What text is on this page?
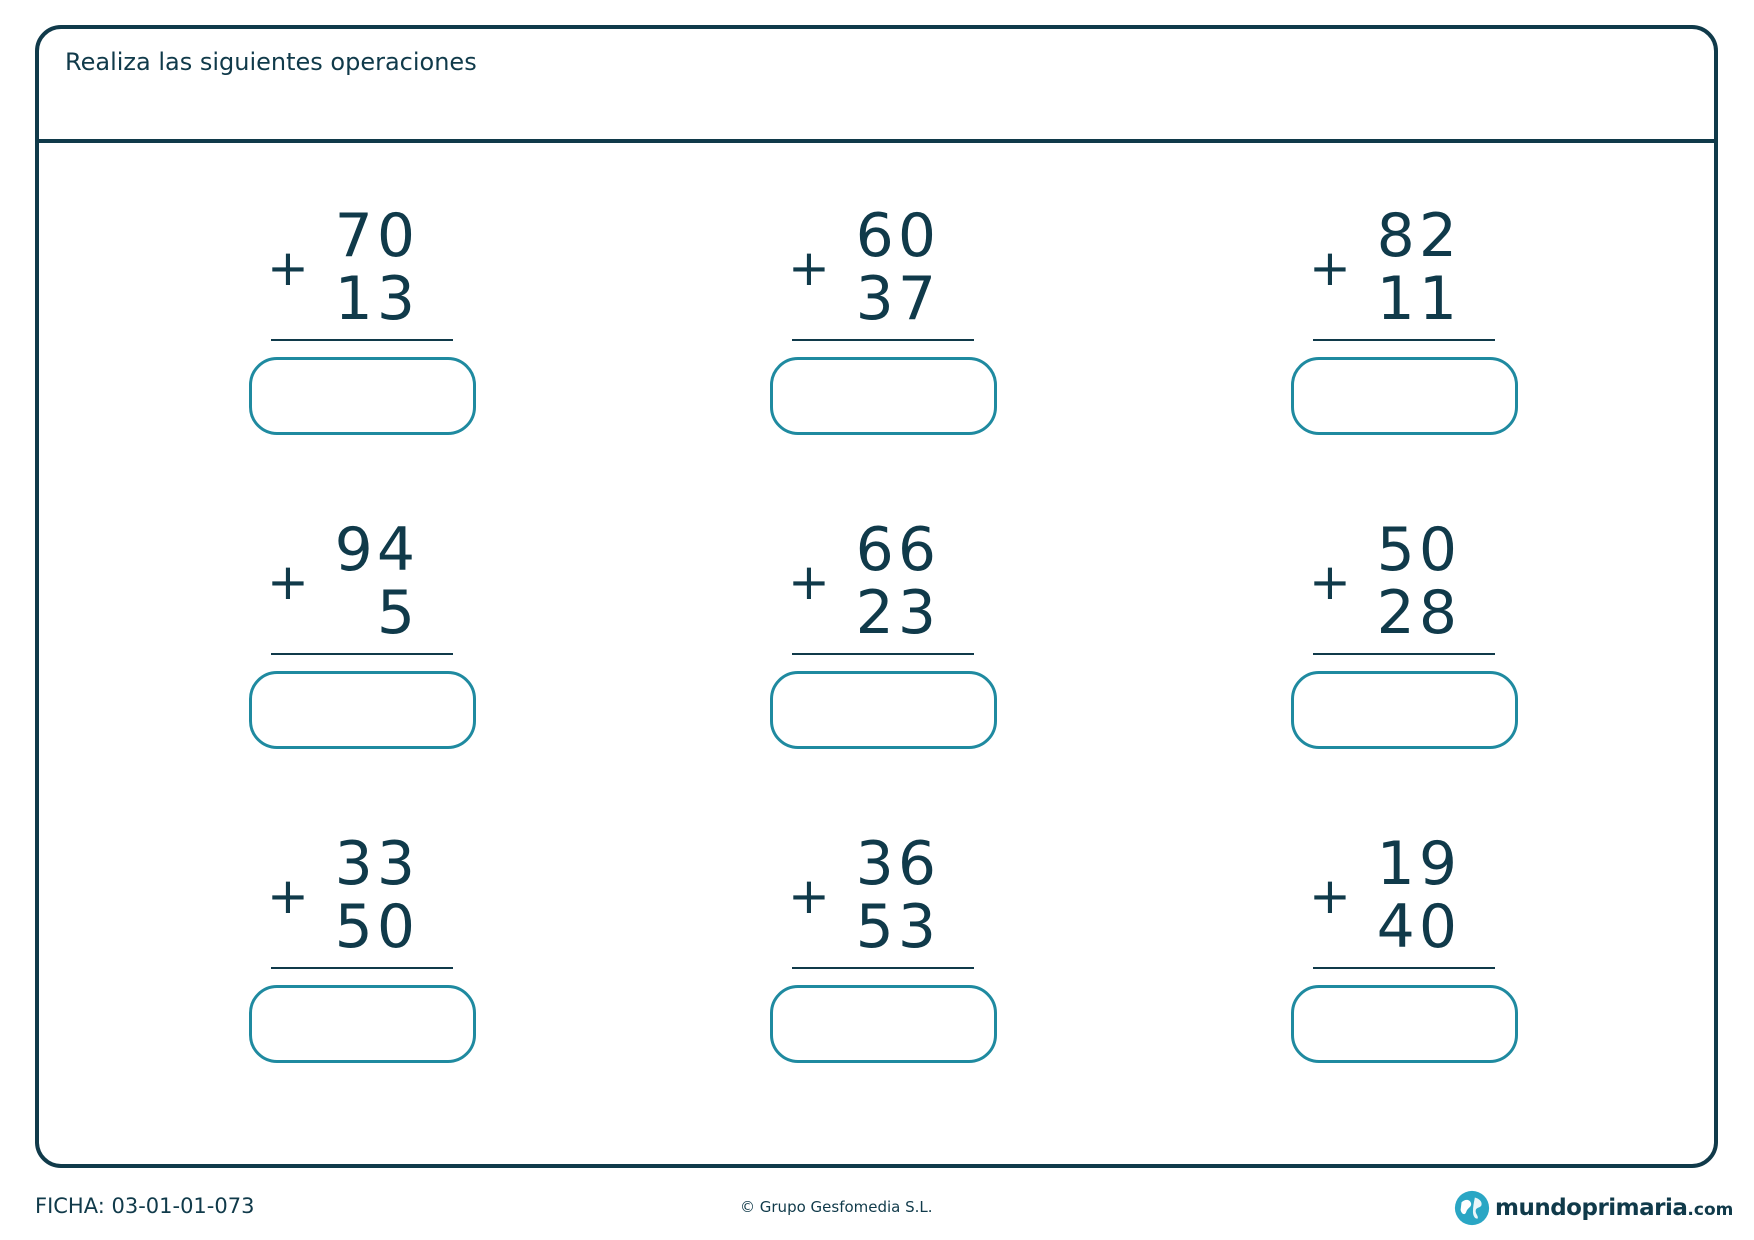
Realiza las siguientes operaciones
+ 70
13	+ 60
37	+ 82
11
+ 94
5	+ 66
23	+ 50
28
+ 33
50	+ 36
53	+ 19
40
FICHA: 03-01-01-073	© Grupo Gesfomedia S.L.	mundoprimaria .com
